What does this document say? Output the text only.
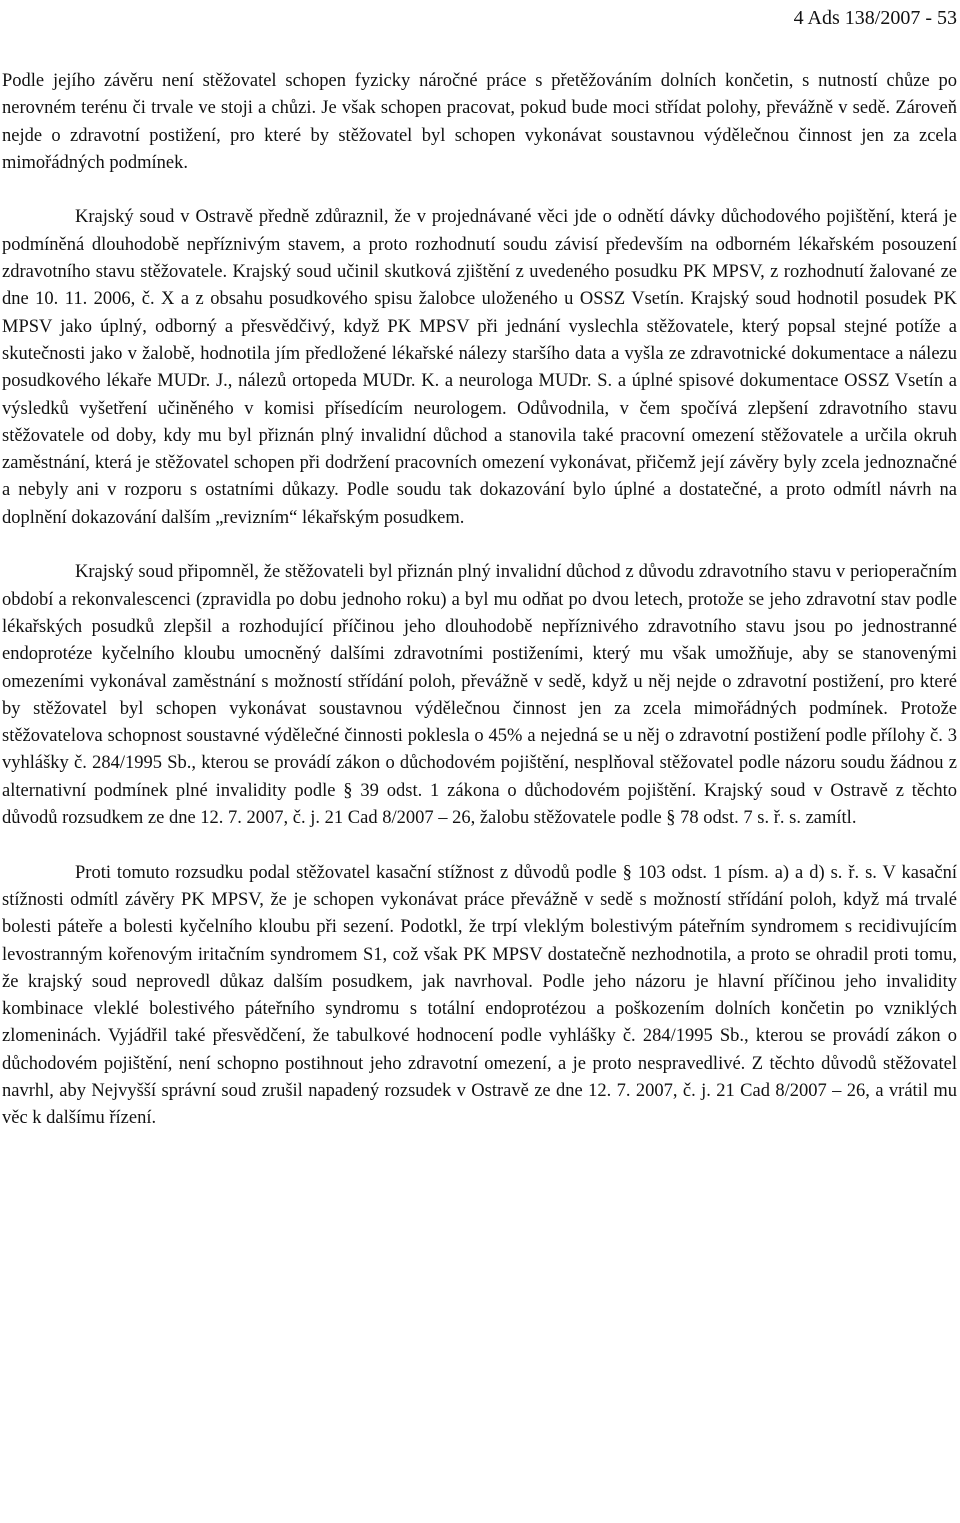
4 Ads 138/2007 - 53

Podle jejího závěru není stěžovatel schopen fyzicky náročné práce s přetěžováním dolních končetin, s nutností chůze po nerovném terénu či trvale ve stoji a chůzi. Je však schopen pracovat, pokud bude moci střídat polohy, převážně v sedě. Zároveň nejde o zdravotní postižení, pro které by stěžovatel byl schopen vykonávat soustavnou výdělečnou činnost jen za zcela mimořádných podmínek.

Krajský soud v Ostravě předně zdůraznil, že v projednávané věci jde o odnětí dávky důchodového pojištění, která je podmíněná dlouhodobě nepříznivým stavem, a proto rozhodnutí soudu závisí především na odborném lékařském posouzení zdravotního stavu stěžovatele. Krajský soud učinil skutková zjištění z uvedeného posudku PK MPSV, z rozhodnutí žalované ze dne 10. 11. 2006, č. X a z obsahu posudkového spisu žalobce uloženého u OSSZ Vsetín. Krajský soud hodnotil posudek PK MPSV jako úplný, odborný a přesvědčivý, když PK MPSV při jednání vyslechla stěžovatele, který popsal stejné potíže a skutečnosti jako v žalobě, hodnotila jím předložené lékařské nálezy staršího data a vyšla ze zdravotnické dokumentace a nálezu posudkového lékaře MUDr. J., nálezů ortopeda MUDr. K. a neurologa MUDr. S. a úplné spisové dokumentace OSSZ Vsetín a výsledků vyšetření učiněného v komisi přísedícím neurologem. Odůvodnila, v čem spočívá zlepšení zdravotního stavu stěžovatele od doby, kdy mu byl přiznán plný invalidní důchod a stanovila také pracovní omezení stěžovatele a určila okruh zaměstnání, která je stěžovatel schopen při dodržení pracovních omezení vykonávat, přičemž její závěry byly zcela jednoznačné a nebyly ani v rozporu s ostatními důkazy. Podle soudu tak dokazování bylo úplné a dostatečné, a proto odmítl návrh na doplnění dokazování dalším „revizním“ lékařským posudkem.

Krajský soud připomněl, že stěžovateli byl přiznán plný invalidní důchod z důvodu zdravotního stavu v perioperačním období a rekonvalescenci (zpravidla po dobu jednoho roku) a byl mu odňat po dvou letech, protože se jeho zdravotní stav podle lékařských posudků zlepšil a rozhodující příčinou jeho dlouhodobě nepříznivého zdravotního stavu jsou po jednostranné endoprotéze kyčelního kloubu umocněný dalšími zdravotními postiženími, který mu však umožňuje, aby se stanovenými omezeními vykonával zaměstnání s možností střídání poloh, převážně v sedě, když u něj nejde o zdravotní postižení, pro které by stěžovatel byl schopen vykonávat soustavnou výdělečnou činnost jen za zcela mimořádných podmínek. Protože stěžovatelova schopnost soustavné výdělečné činnosti poklesla o 45% a nejedná se u něj o zdravotní postižení podle přílohy č. 3 vyhlášky č. 284/1995 Sb., kterou se provádí zákon o důchodovém pojištění, nesplňoval stěžovatel podle názoru soudu žádnou z alternativní podmínek plné invalidity podle § 39 odst. 1 zákona o důchodovém pojištění. Krajský soud v Ostravě z těchto důvodů rozsudkem ze dne 12. 7. 2007, č. j. 21 Cad 8/2007 – 26, žalobu stěžovatele podle § 78 odst. 7 s. ř. s. zamítl.

Proti tomuto rozsudku podal stěžovatel kasační stížnost z důvodů podle § 103 odst. 1 písm. a) a d) s. ř. s. V kasační stížnosti odmítl závěry PK MPSV, že je schopen vykonávat práce převážně v sedě s možností střídání poloh, když má trvalé bolesti páteře a bolesti kyčelního kloubu při sezení. Podotkl, že trpí vleklým bolestivým páteřním syndromem s recidivujícím levostranným kořenovým iritačním syndromem S1, což však PK MPSV dostatečně nezhodnotila, a proto se ohradil proti tomu, že krajský soud neprovedl důkaz dalším posudkem, jak navrhoval. Podle jeho názoru je hlavní příčinou jeho invalidity kombinace vleklé bolestivého páteřního syndromu s totální endoprotézou a poškozením dolních končetin po vzniklých zlomeninách. Vyjádřil také přesvědčení, že tabulkové hodnocení podle vyhlášky č. 284/1995 Sb., kterou se provádí zákon o důchodovém pojištění, není schopno postihnout jeho zdravotní omezení, a je proto nespravedlivé. Z těchto důvodů stěžovatel navrhl, aby Nejvyšší správní soud zrušil napadený rozsudek v Ostravě ze dne 12. 7. 2007, č. j. 21 Cad 8/2007 – 26, a vrátil mu věc k dalšímu řízení.
